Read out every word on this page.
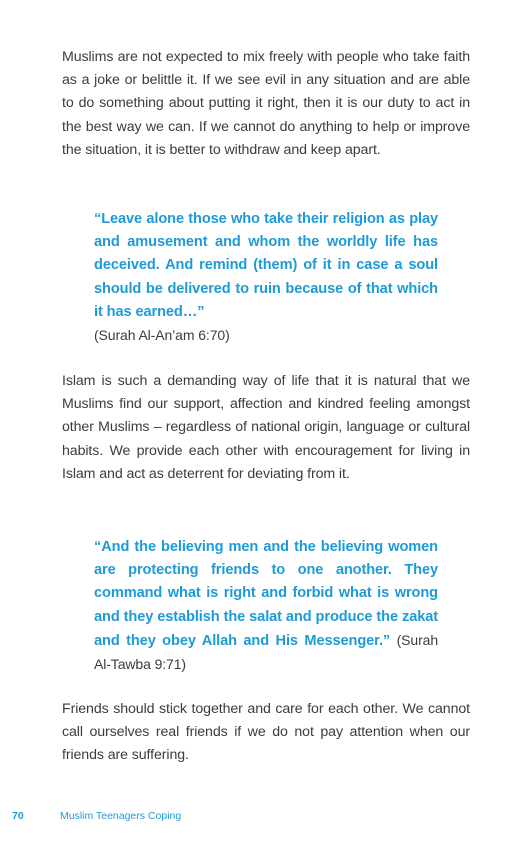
Muslims are not expected to mix freely with people who take faith as a joke or belittle it. If we see evil in any situation and are able to do something about putting it right, then it is our duty to act in the best way we can. If we cannot do anything to help or improve the situation, it is better to withdraw and keep apart.

“Leave alone those who take their religion as play and amusement and whom the worldly life has deceived. And remind (them) of it in case a soul should be delivered to ruin because of that which it has earned…”
(Surah Al-An’am 6:70)

Islam is such a demanding way of life that it is natural that we Muslims find our support, affection and kindred feeling amongst other Muslims – regardless of national origin, language or cultural habits. We provide each other with encouragement for living in Islam and act as deterrent for deviating from it.

“And the believing men and the believing women are protecting friends to one another. They command what is right and forbid what is wrong and they establish the salat and produce the zakat and they obey Allah and His Messenger.” (Surah Al-Tawba 9:71)

Friends should stick together and care for each other. We cannot call ourselves real friends if we do not pay attention when our friends are suffering.

70	Muslim Teenagers Coping
